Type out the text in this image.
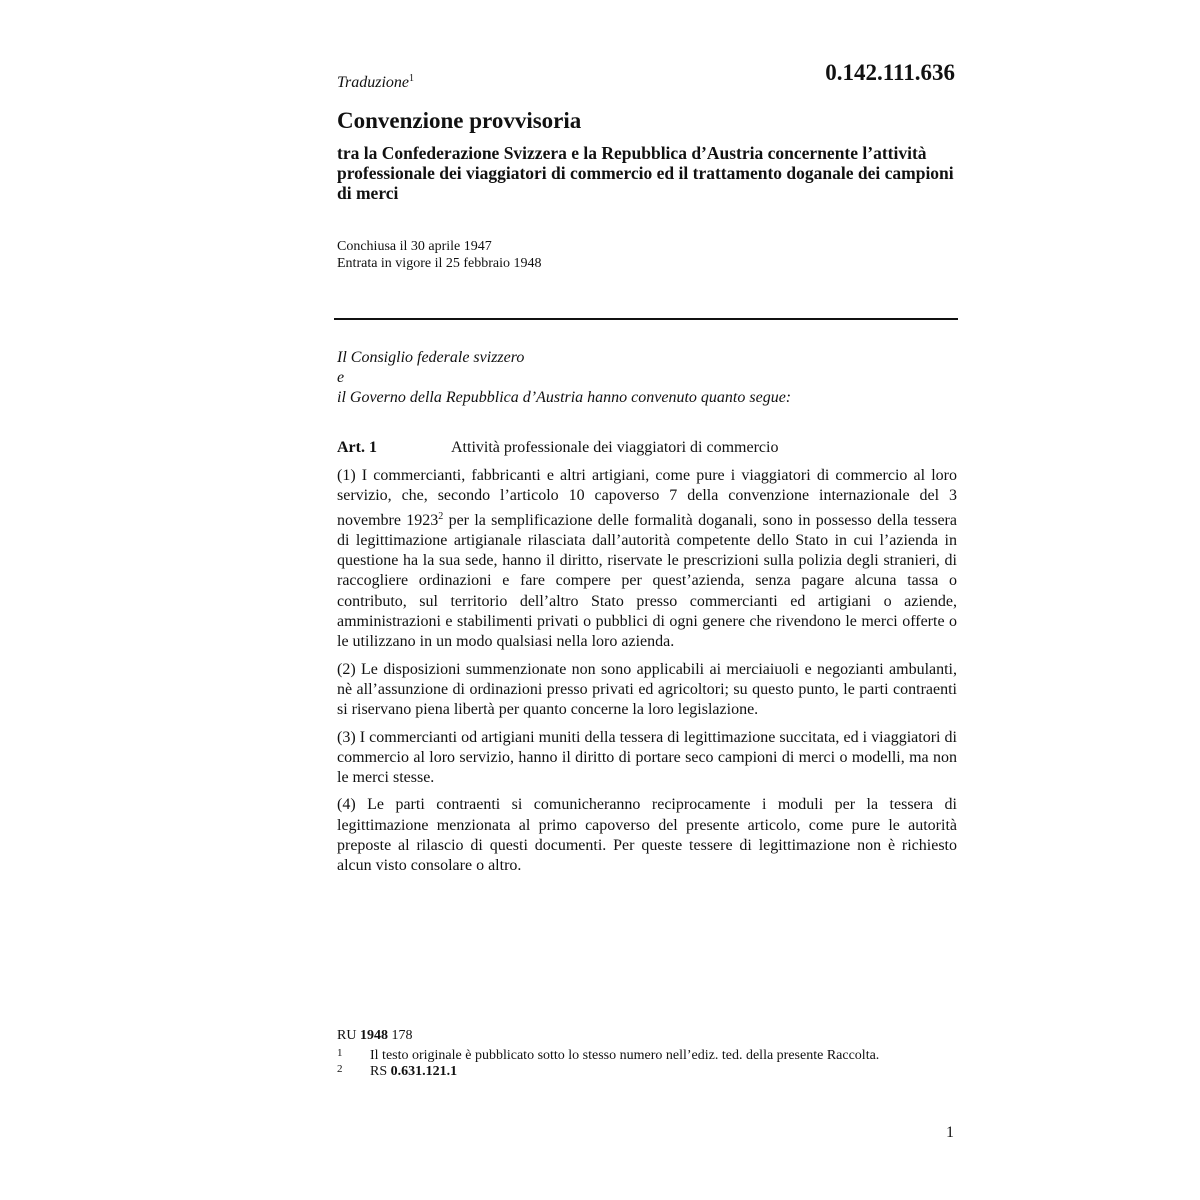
0.142.111.636
Traduzione$^1$
Convenzione provvisoria
tra la Confederazione Svizzera e la Repubblica d’Austria concernente l’attività professionale dei viaggiatori di commercio ed il trattamento doganale dei campioni di merci
Conchiusa il 30 aprile 1947
Entrata in vigore il 25 febbraio 1948
Il Consiglio federale svizzero
e
il Governo della Repubblica d’Austria hanno convenuto quanto segue:
Art. 1	Attività professionale dei viaggiatori di commercio

(1) I commercianti, fabbricanti e altri artigiani, come pure i viaggiatori di commercio al loro servizio, che, secondo l’articolo 10 capoverso 7 della convenzione internazionale del 3 novembre 1923$^2$ per la semplificazione delle formalità doganali, sono in possesso della tessera di legittimazione artigianale rilasciata dall’autorità competente dello Stato in cui l’azienda in questione ha la sua sede, hanno il diritto, riservate le prescrizioni sulla polizia degli stranieri, di raccogliere ordinazioni e fare compere per quest’azienda, senza pagare alcuna tassa o contributo, sul territorio dell’altro Stato presso commercianti ed artigiani o aziende, amministrazioni e stabilimenti privati o pubblici di ogni genere che rivendono le merci offerte o le utilizzano in un modo qualsiasi nella loro azienda.

(2) Le disposizioni summenzionate non sono applicabili ai merciaiuoli e negozianti ambulanti, nè all’assunzione di ordinazioni presso privati ed agricoltori; su questo punto, le parti contraenti si riservano piena libertà per quanto concerne la loro legislazione.

(3) I commercianti od artigiani muniti della tessera di legittimazione succitata, ed i viaggiatori di commercio al loro servizio, hanno il diritto di portare seco campioni di merci o modelli, ma non le merci stesse.

(4) Le parti contraenti si comunicheranno reciprocamente i moduli per la tessera di legittimazione menzionata al primo capoverso del presente articolo, come pure le autorità preposte al rilascio di questi documenti. Per queste tessere di legittimazione non è richiesto alcun visto consolare o altro.

RU 1948 178
1 Il testo originale è pubblicato sotto lo stesso numero nell’ediz. ted. della presente Raccolta.
2 RS 0.631.121.1
1
